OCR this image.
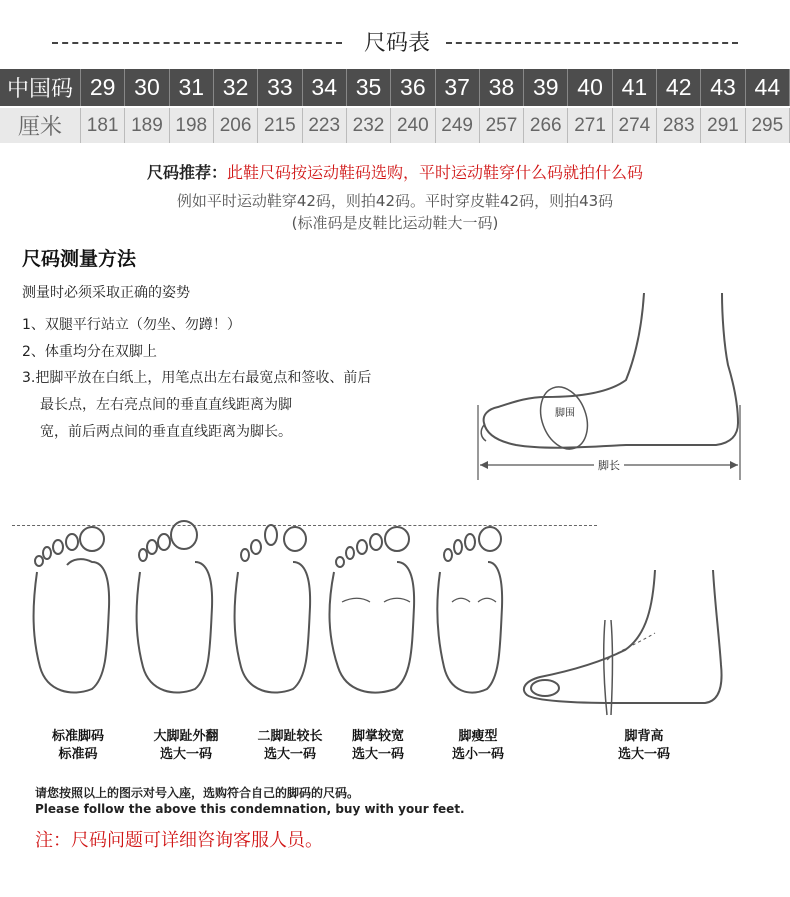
尺码表
中国码	29	30	31	32	33	34	35	36	37	38	39	40	41	42	43	44
厘米	181	189	198	206	215	223	232	240	249	257	266	271	274	283	291	295
尺码推荐：此鞋尺码按运动鞋码选购，平时运动鞋穿什么码就拍什么码
例如平时运动鞋穿42码，则拍42码。平时穿皮鞋42码，则拍43码
(标准码是皮鞋比运动鞋大一码)
尺码测量方法
测量时必须采取正确的姿势
1、双腿平行站立（勿坐、勿蹲！）
2、体重均分在双脚上
3.把脚平放在白纸上，用笔点出左右最宽点和签收、前后
最长点，左右亮点间的垂直直线距离为脚
宽，前后两点间的垂直直线距离为脚长。
脚围
脚长
标准脚码
标准码
大脚趾外翻
选大一码
二脚趾较长
选大一码
脚掌较宽
选大一码
脚瘦型
选小一码
脚背高
选大一码
请您按照以上的图示对号入座，选购符合自己的脚码的尺码。
Please follow the above this condemnation, buy with your feet.
注：尺码问题可详细咨询客服人员。
